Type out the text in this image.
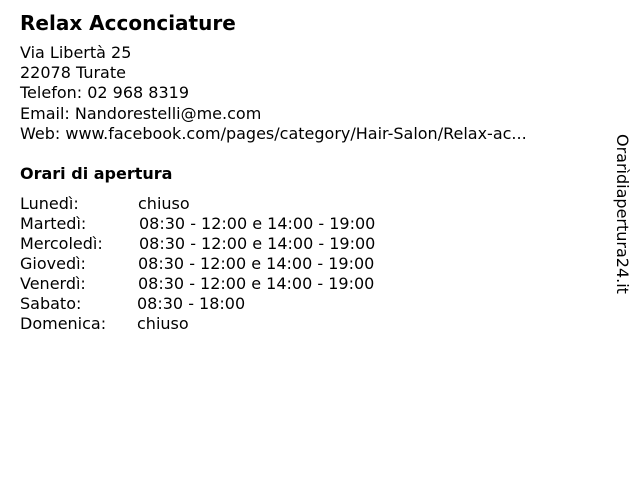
Relax Acconciature
Via Libertà 25
22078 Turate
Telefon: 02 968 8319
Email: Nandorestelli@me.com
Web: www.facebook.com/pages/category/Hair-Salon/Relax-ac...
Orari di apertura
Lunedì:	chiuso
Martedì:	08:30 - 12:00 e 14:00 - 19:00
Mercoledì: 08:30 - 12:00 e 14:00 - 19:00
Giovedì:	08:30 - 12:00 e 14:00 - 19:00
Venerdì:	08:30 - 12:00 e 14:00 - 19:00
Sabato:	08:30 - 18:00
Domenica: chiuso
Orarìdiapertura24.it
